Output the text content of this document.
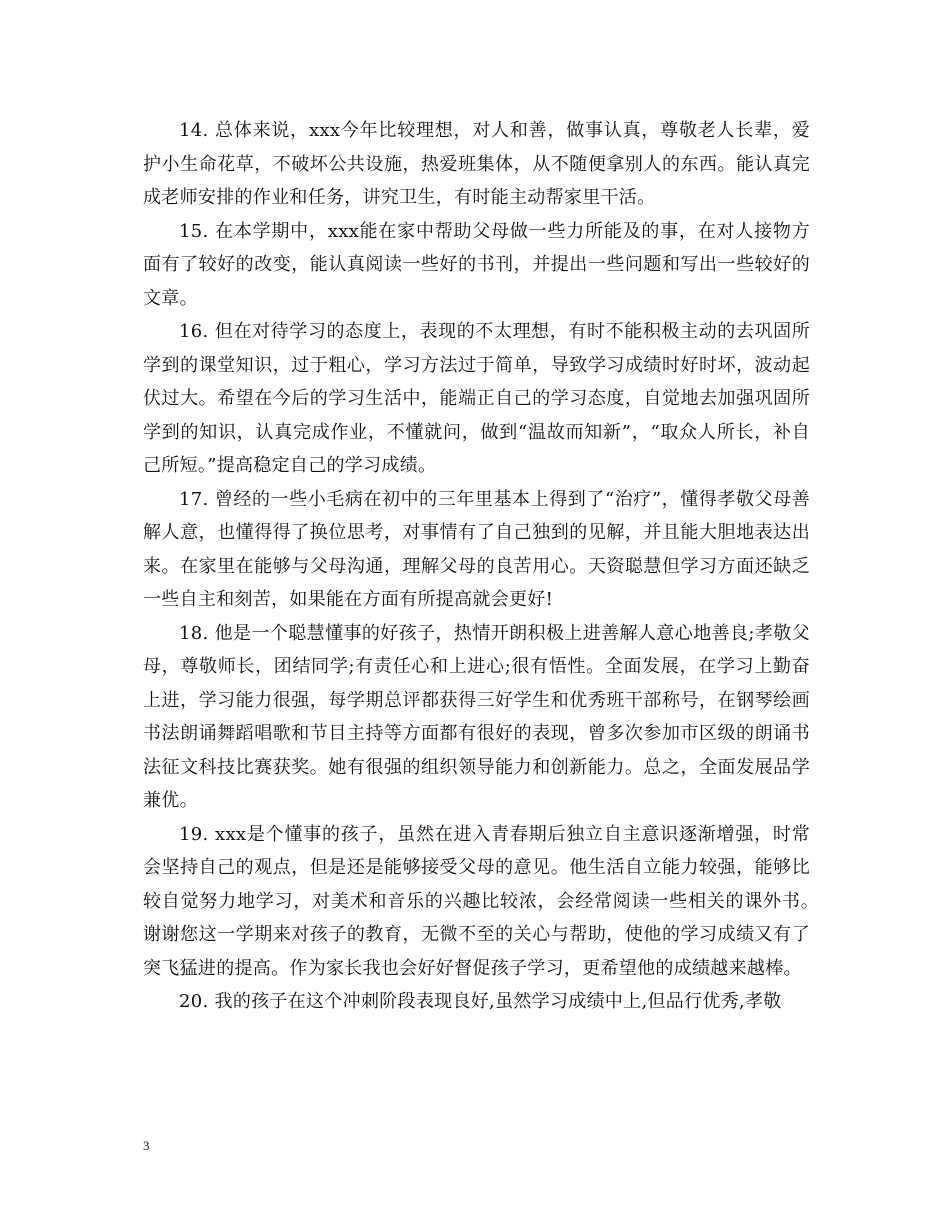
14. 总体来说，xxx今年比较理想，对人和善，做事认真，尊敬老人长辈，爱护小生命花草，不破坏公共设施，热爱班集体，从不随便拿别人的东西。能认真完成老师安排的作业和任务，讲究卫生，有时能主动帮家里干活。

15. 在本学期中，xxx能在家中帮助父母做一些力所能及的事，在对人接物方面有了较好的改变，能认真阅读一些好的书刊，并提出一些问题和写出一些较好的文章。

16. 但在对待学习的态度上，表现的不太理想，有时不能积极主动的去巩固所学到的课堂知识，过于粗心，学习方法过于简单，导致学习成绩时好时坏，波动起伏过大。希望在今后的学习生活中，能端正自己的学习态度，自觉地去加强巩固所学到的知识，认真完成作业，不懂就问，做到“温故而知新”，“取众人所长，补自己所短。”提高稳定自己的学习成绩。

17. 曾经的一些小毛病在初中的三年里基本上得到了“治疗”，懂得孝敬父母善解人意，也懂得得了换位思考，对事情有了自己独到的见解，并且能大胆地表达出来。在家里在能够与父母沟通，理解父母的良苦用心。天资聪慧但学习方面还缺乏一些自主和刻苦，如果能在方面有所提高就会更好!

18. 他是一个聪慧懂事的好孩子，热情开朗积极上进善解人意心地善良;孝敬父母，尊敬师长，团结同学;有责任心和上进心;很有悟性。全面发展，在学习上勤奋上进，学习能力很强，每学期总评都获得三好学生和优秀班干部称号，在钢琴绘画书法朗诵舞蹈唱歌和节目主持等方面都有很好的表现，曾多次参加市区级的朗诵书法征文科技比赛获奖。她有很强的组织领导能力和创新能力。总之，全面发展品学兼优。

19. xxx是个懂事的孩子，虽然在进入青春期后独立自主意识逐渐增强，时常会坚持自己的观点，但是还是能够接受父母的意见。他生活自立能力较强，能够比较自觉努力地学习，对美术和音乐的兴趣比较浓，会经常阅读一些相关的课外书。　谢谢您这一学期来对孩子的教育，无微不至的关心与帮助，使他的学习成绩又有了突飞猛进的提高。作为家长我也会好好督促孩子学习，更希望他的成绩越来越棒。

20. 我的孩子在这个冲刺阶段表现良好,虽然学习成绩中上,但品行优秀,孝敬

3
